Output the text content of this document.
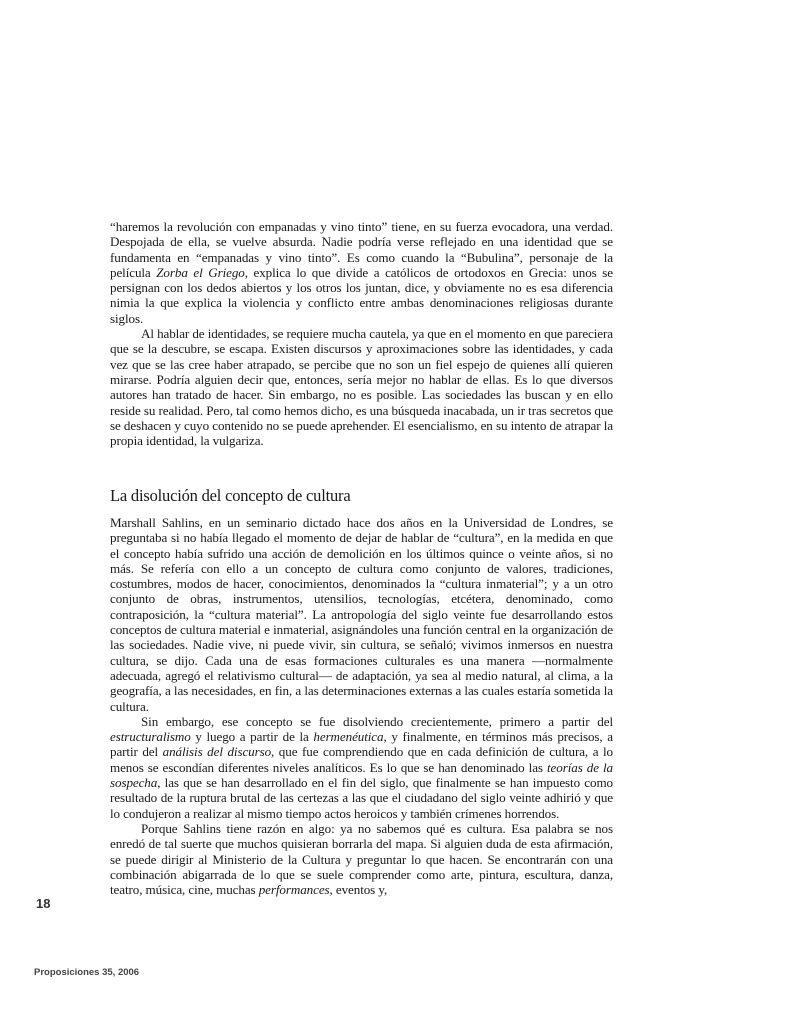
“haremos la revolución con empanadas y vino tinto” tiene, en su fuerza evocadora, una verdad. Despojada de ella, se vuelve absurda. Nadie podría verse reflejado en una identidad que se fundamenta en “empanadas y vino tinto”. Es como cuando la “Bubulina”, personaje de la película Zorba el Griego, explica lo que divide a católicos de ortodoxos en Grecia: unos se persignan con los dedos abiertos y los otros los juntan, dice, y obviamente no es esa diferencia nimia la que explica la violencia y conflicto entre ambas denominaciones religiosas durante siglos.

Al hablar de identidades, se requiere mucha cautela, ya que en el momento en que pareciera que se la descubre, se escapa. Existen discursos y aproximaciones sobre las identidades, y cada vez que se las cree haber atrapado, se percibe que no son un fiel espejo de quienes allí quieren mirarse. Podría alguien decir que, entonces, sería mejor no hablar de ellas. Es lo que diversos autores han tratado de hacer. Sin embargo, no es posible. Las sociedades las buscan y en ello reside su realidad. Pero, tal como hemos dicho, es una búsqueda inacabada, un ir tras secretos que se deshacen y cuyo contenido no se puede aprehender. El esencialismo, en su intento de atrapar la propia identidad, la vulgariza.

La disolución del concepto de cultura

Marshall Sahlins, en un seminario dictado hace dos años en la Universidad de Londres, se preguntaba si no había llegado el momento de dejar de hablar de “cultura”, en la medida en que el concepto había sufrido una acción de demolición en los últimos quince o veinte años, si no más. Se refería con ello a un concepto de cultura como conjunto de valores, tradiciones, costumbres, modos de hacer, conocimientos, denominados la “cultura inmaterial”; y a un otro conjunto de obras, instrumentos, utensilios, tecnologías, etcétera, denominado, como contraposición, la “cultura material”. La antropología del siglo veinte fue desarrollando estos conceptos de cultura material e inmaterial, asignándoles una función central en la organización de las sociedades. Nadie vive, ni puede vivir, sin cultura, se señaló; vivimos inmersos en nuestra cultura, se dijo. Cada una de esas formaciones culturales es una manera —normalmente adecuada, agregó el relativismo cultural— de adaptación, ya sea al medio natural, al clima, a la geografía, a las necesidades, en fin, a las determinaciones externas a las cuales estaría sometida la cultura.

Sin embargo, ese concepto se fue disolviendo crecientemente, primero a partir del estructuralismo y luego a partir de la hermenéutica, y finalmente, en términos más precisos, a partir del análisis del discurso, que fue comprendiendo que en cada definición de cultura, a lo menos se escondían diferentes niveles analíticos. Es lo que se han denominado las teorías de la sospecha, las que se han desarrollado en el fin del siglo, que finalmente se han impuesto como resultado de la ruptura brutal de las certezas a las que el ciudadano del siglo veinte adhirió y que lo condujeron a realizar al mismo tiempo actos heroicos y también crímenes horrendos.

Porque Sahlins tiene razón en algo: ya no sabemos qué es cultura. Esa palabra se nos enredó de tal suerte que muchos quisieran borrarla del mapa. Si alguien duda de esta afirmación, se puede dirigir al Ministerio de la Cultura y preguntar lo que hacen. Se encontrarán con una combinación abigarrada de lo que se suele comprender como arte, pintura, escultura, danza, teatro, música, cine, muchas performances, eventos y,

18
Proposiciones 35, 2006
